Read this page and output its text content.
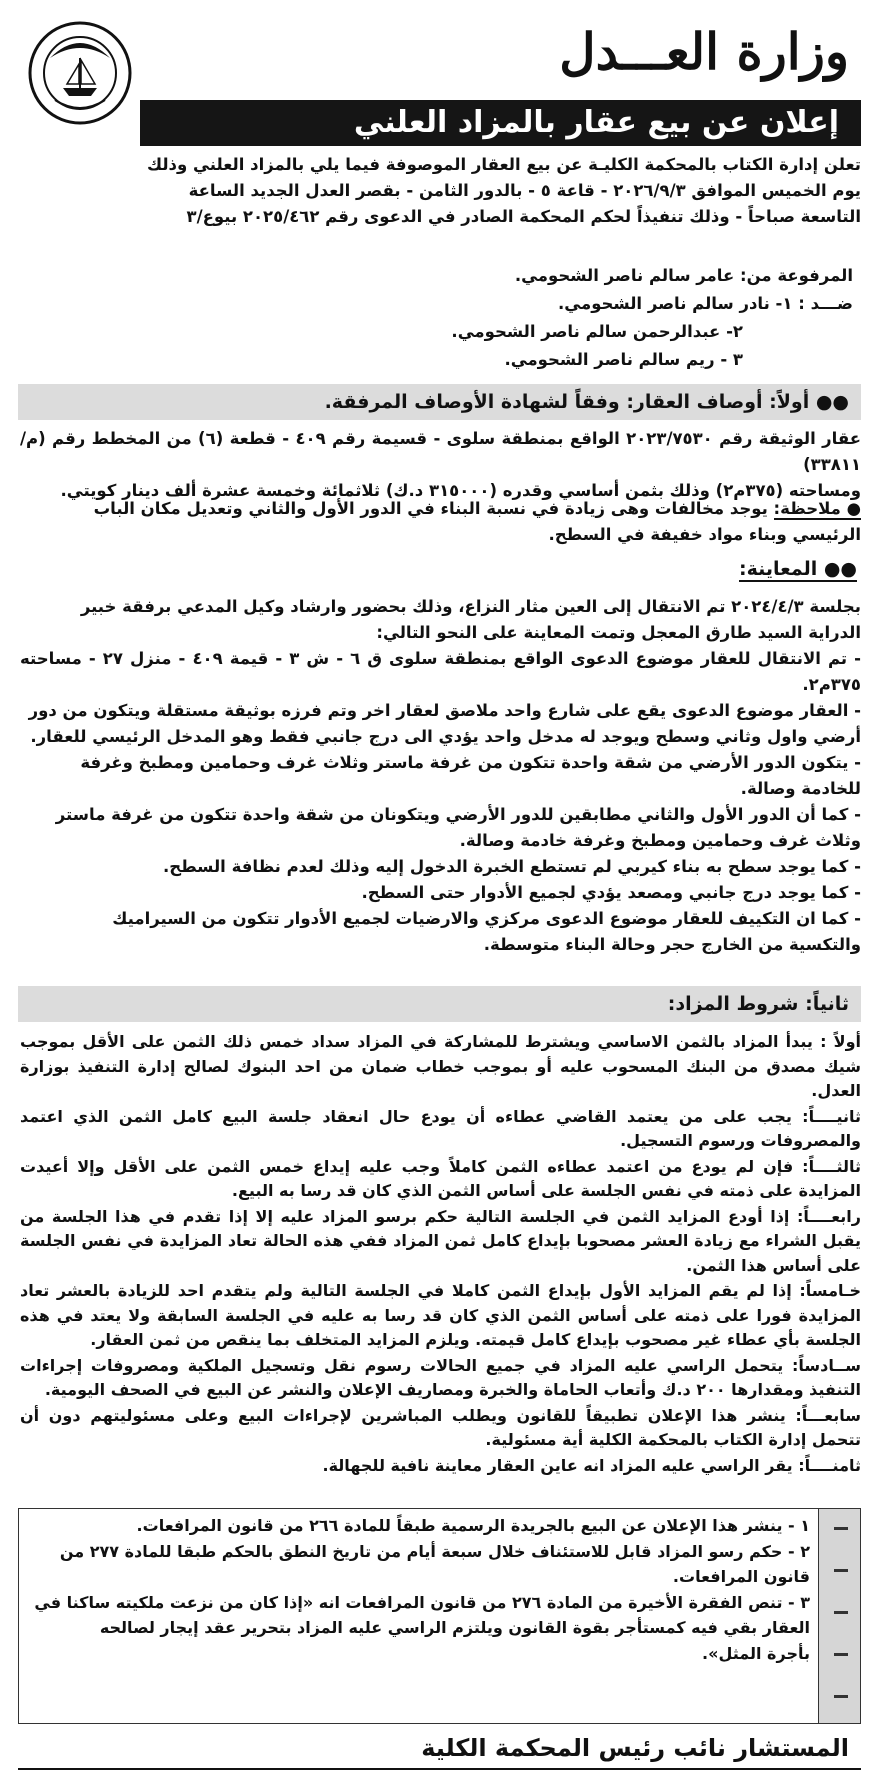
وزارة العـــدل
إعلان عن بيع عقار بالمزاد العلني
تعلن إدارة الكتاب بالمحكمة الكليـة عن بيع العقار الموصوفة فيما يلي بالمزاد العلني وذلك
يوم الخميس الموافق ٢٠٢٦/٩/٣ - قاعة ٥ - بالدور الثامن - بقصر العدل الجديد الساعة
التاسعة صباحاً - وذلك تنفيذاً لحكم المحكمة الصادر في الدعوى رقم ٢٠٢٥/٤٦٢ بيوع/٣
المرفوعة من: عامر سالم ناصر الشحومي.
ضـــد : ١- نادر سالم ناصر الشحومي.
٢- عبدالرحمن سالم ناصر الشحومي.
٣ - ريم سالم ناصر الشحومي.
●● أولاً: أوصاف العقار: وفقاً لشهادة الأوصاف المرفقة.
عقار الوثيقة رقم ٢٠٢٣/٧٥٣٠ الواقع بمنطقة سلوى - قسيمة رقم ٤٠٩ - قطعة (٦) من المخطط رقم (م/٣٣٨١١)
ومساحته (٣٧٥م٢) وذلك بثمن أساسي وقدره (٣١٥٠٠٠ د.ك) ثلاثمائة وخمسة عشرة ألف دينار كويتي.
● ملاحظة: يوجد مخالفات وهى زيادة في نسبة البناء في الدور الأول والثاني وتعديل مكان الباب الرئيسي وبناء مواد خفيفة في السطح.
●● المعاينة:
بجلسة ٢٠٢٤/٤/٣ تم الانتقال إلى العين مثار النزاع، وذلك بحضور وارشاد وكيل المدعي برفقة خبير
الدراية السيد طارق المعجل وتمت المعاينة على النحو التالي:
- تم الانتقال للعقار موضوع الدعوى الواقع بمنطقة سلوى ق ٦ - ش ٣ - قيمة ٤٠٩ - منزل ٢٧ - مساحته ٣٧٥م٢.
- العقار موضوع الدعوى يقع على شارع واحد ملاصق لعقار اخر وتم فرزه بوثيقة مستقلة ويتكون من دور
أرضي واول وثاني وسطح ويوجد له مدخل واحد يؤدي الى درج جانبي فقط وهو المدخل الرئيسي للعقار.
- يتكون الدور الأرضي من شقة واحدة تتكون من غرفة ماستر وثلاث غرف وحمامين ومطبخ وغرفة
للخادمة وصالة.
- كما أن الدور الأول والثاني مطابقين للدور الأرضي ويتكونان من شقة واحدة تتكون من غرفة ماستر
وثلاث غرف وحمامين ومطبخ وغرفة خادمة وصالة.
- كما يوجد سطح به بناء كيربي لم تستطع الخبرة الدخول إليه وذلك لعدم نظافة السطح.
- كما يوجد درج جانبي ومصعد يؤدي لجميع الأدوار حتى السطح.
- كما ان التكييف للعقار موضوع الدعوى مركزي والارضيات لجميع الأدوار تتكون من السيراميك
والتكسية من الخارج حجر وحالة البناء متوسطة.
ثانياً: شروط المزاد:
أولاً : يبدأ المزاد بالثمن الاساسي ويشترط للمشاركة في المزاد سداد خمس ذلك الثمن على الأقل بموجب شيك مصدق من البنك المسحوب عليه أو بموجب خطاب ضمان من احد البنوك لصالح إدارة التنفيذ بوزارة العدل.
ثانيــــاً: يجب على من يعتمد القاضي عطاءه أن يودع حال انعقاد جلسة البيع كامل الثمن الذي اعتمد والمصروفات ورسوم التسجيل.
ثالثــــاً: فإن لم يودع من اعتمد عطاءه الثمن كاملاً وجب عليه إيداع خمس الثمن على الأقل وإلا أعيدت المزايدة على ذمته في نفس الجلسة على أساس الثمن الذي كان قد رسا به البيع.
رابعــــاً: إذا أودع المزايد الثمن في الجلسة التالية حكم برسو المزاد عليه إلا إذا تقدم في هذا الجلسة من يقبل الشراء مع زيادة العشر مصحوبا بإيداع كامل ثمن المزاد ففي هذه الحالة تعاد المزايدة في نفس الجلسة على أساس هذا الثمن.
خـامساً: إذا لم يقم المزايد الأول بإيداع الثمن كاملا في الجلسة التالية ولم يتقدم احد للزيادة بالعشر تعاد المزايدة فورا على ذمته على أساس الثمن الذي كان قد رسا به عليه في الجلسة السابقة ولا يعتد في هذه الجلسة بأي عطاء غير مصحوب بإيداع كامل قيمته. ويلزم المزايد المتخلف بما ينقص من ثمن العقار.
ســادساً: يتحمل الراسي عليه المزاد في جميع الحالات رسوم نقل وتسجيل الملكية ومصروفات إجراءات التنفيذ ومقدارها ٢٠٠ د.ك وأتعاب الحاماة والخبرة ومصاريف الإعلان والنشر عن البيع في الصحف اليومية.
سابعـــاً: ينشر هذا الإعلان تطبيقاً للقانون ويطلب المباشرين لإجراءات البيع وعلى مسئوليتهم دون أن تتحمل إدارة الكتاب بالمحكمة الكلية أية مسئولية.
ثامنــــاً: يقر الراسي عليه المزاد انه عاين العقار معاينة نافية للجهالة.
١ - ينشر هذا الإعلان عن البيع بالجريدة الرسمية طبقاً للمادة ٢٦٦ من قانون المرافعات.
٢ - حكم رسو المزاد قابل للاستئناف خلال سبعة أيام من تاريخ النطق بالحكم طبقا للمادة ٢٧٧ من
قانون المرافعات.
٣ - تنص الفقرة الأخيرة من المادة ٢٧٦ من قانون المرافعات انه «إذا كان من نزعت ملكيته ساكنا في
العقار بقي فيه كمستأجر بقوة القانون ويلتزم الراسي عليه المزاد بتحرير عقد إيجار لصالحه
بأجرة المثل».
المستشار نائب رئيس المحكمة الكلية
